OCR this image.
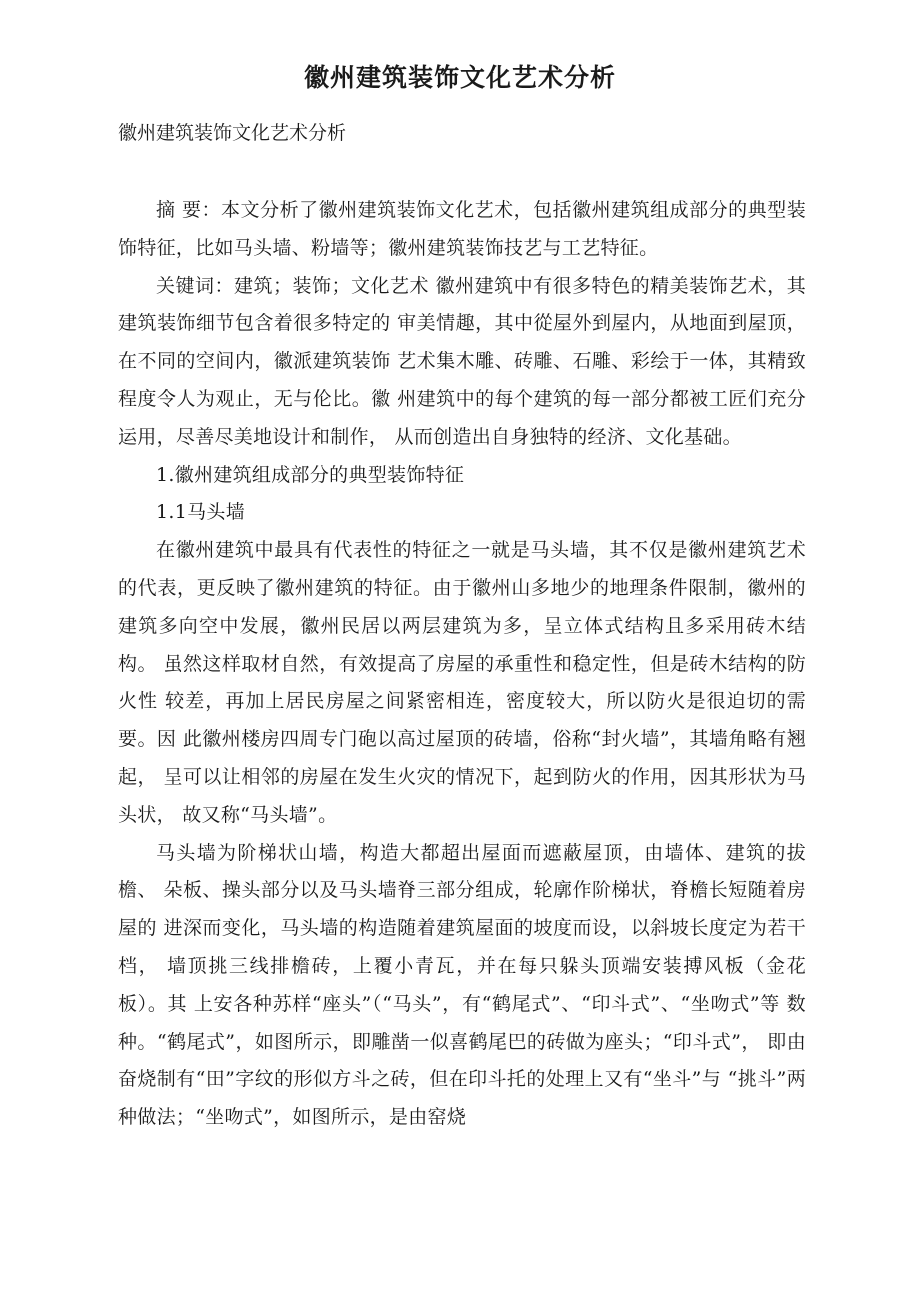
徽州建筑装饰文化艺术分析
徽州建筑装饰文化艺术分析

摘 要：本文分析了徽州建筑装饰文化艺术，包括徽州建筑组成部分的典型装饰特征，比如马头墙、粉墙等；徽州建筑装饰技艺与工艺特征。

关键词：建筑；装饰；文化艺术 徽州建筑中有很多特色的精美装饰艺术，其建筑装饰细节包含着很多特定的 审美情趣，其中從屋外到屋内，从地面到屋顶，在不同的空间内，徽派建筑装饰 艺术集木雕、砖雕、石雕、彩绘于一体，其精致程度令人为观止，无与伦比。徽 州建筑中的每个建筑的每一部分都被工匠们充分运用，尽善尽美地设计和制作， 从而创造出自身独特的经济、文化基础。

1.徽州建筑组成部分的典型装饰特征

1.1马头墙

在徽州建筑中最具有代表性的特征之一就是马头墙，其不仅是徽州建筑艺术的代表，更反映了徽州建筑的特征。由于徽州山多地少的地理条件限制，徽州的建筑多向空中发展，徽州民居以两层建筑为多，呈立体式结构且多采用砖木结构。 虽然这样取材自然，有效提高了房屋的承重性和稳定性，但是砖木结构的防火性 较差，再加上居民房屋之间紧密相连，密度较大，所以防火是很迫切的需要。因 此徽州楼房四周专门砲以高过屋顶的砖墙，俗称“封火墙”，其墙角略有翘起， 呈可以让相邻的房屋在发生火灾的情况下，起到防火的作用，因其形状为马头状， 故又称“马头墙”。

马头墙为阶梯状山墙，构造大都超出屋面而遮蔽屋顶，由墙体、建筑的拔檐、 朵板、操头部分以及马头墙脊三部分组成，轮廓作阶梯状，脊檐长短随着房屋的 进深而变化，马头墙的构造随着建筑屋面的坡度而设，以斜坡长度定为若干档， 墙顶挑三线排檐砖，上覆小青瓦，并在每只躲头顶端安装搏风板（金花板）。其 上安各种苏样“座头”（“马头”，有“鹤尾式”、“印斗式”、“坐吻式”等 数种。“鹤尾式”，如图所示，即雕凿一似喜鹤尾巴的砖做为座头；“印斗式”， 即由奋烧制有“田”字纹的形似方斗之砖，但在印斗托的处理上又有“坐斗”与 “挑斗”两种做法；“坐吻式”，如图所示，是由窑烧
